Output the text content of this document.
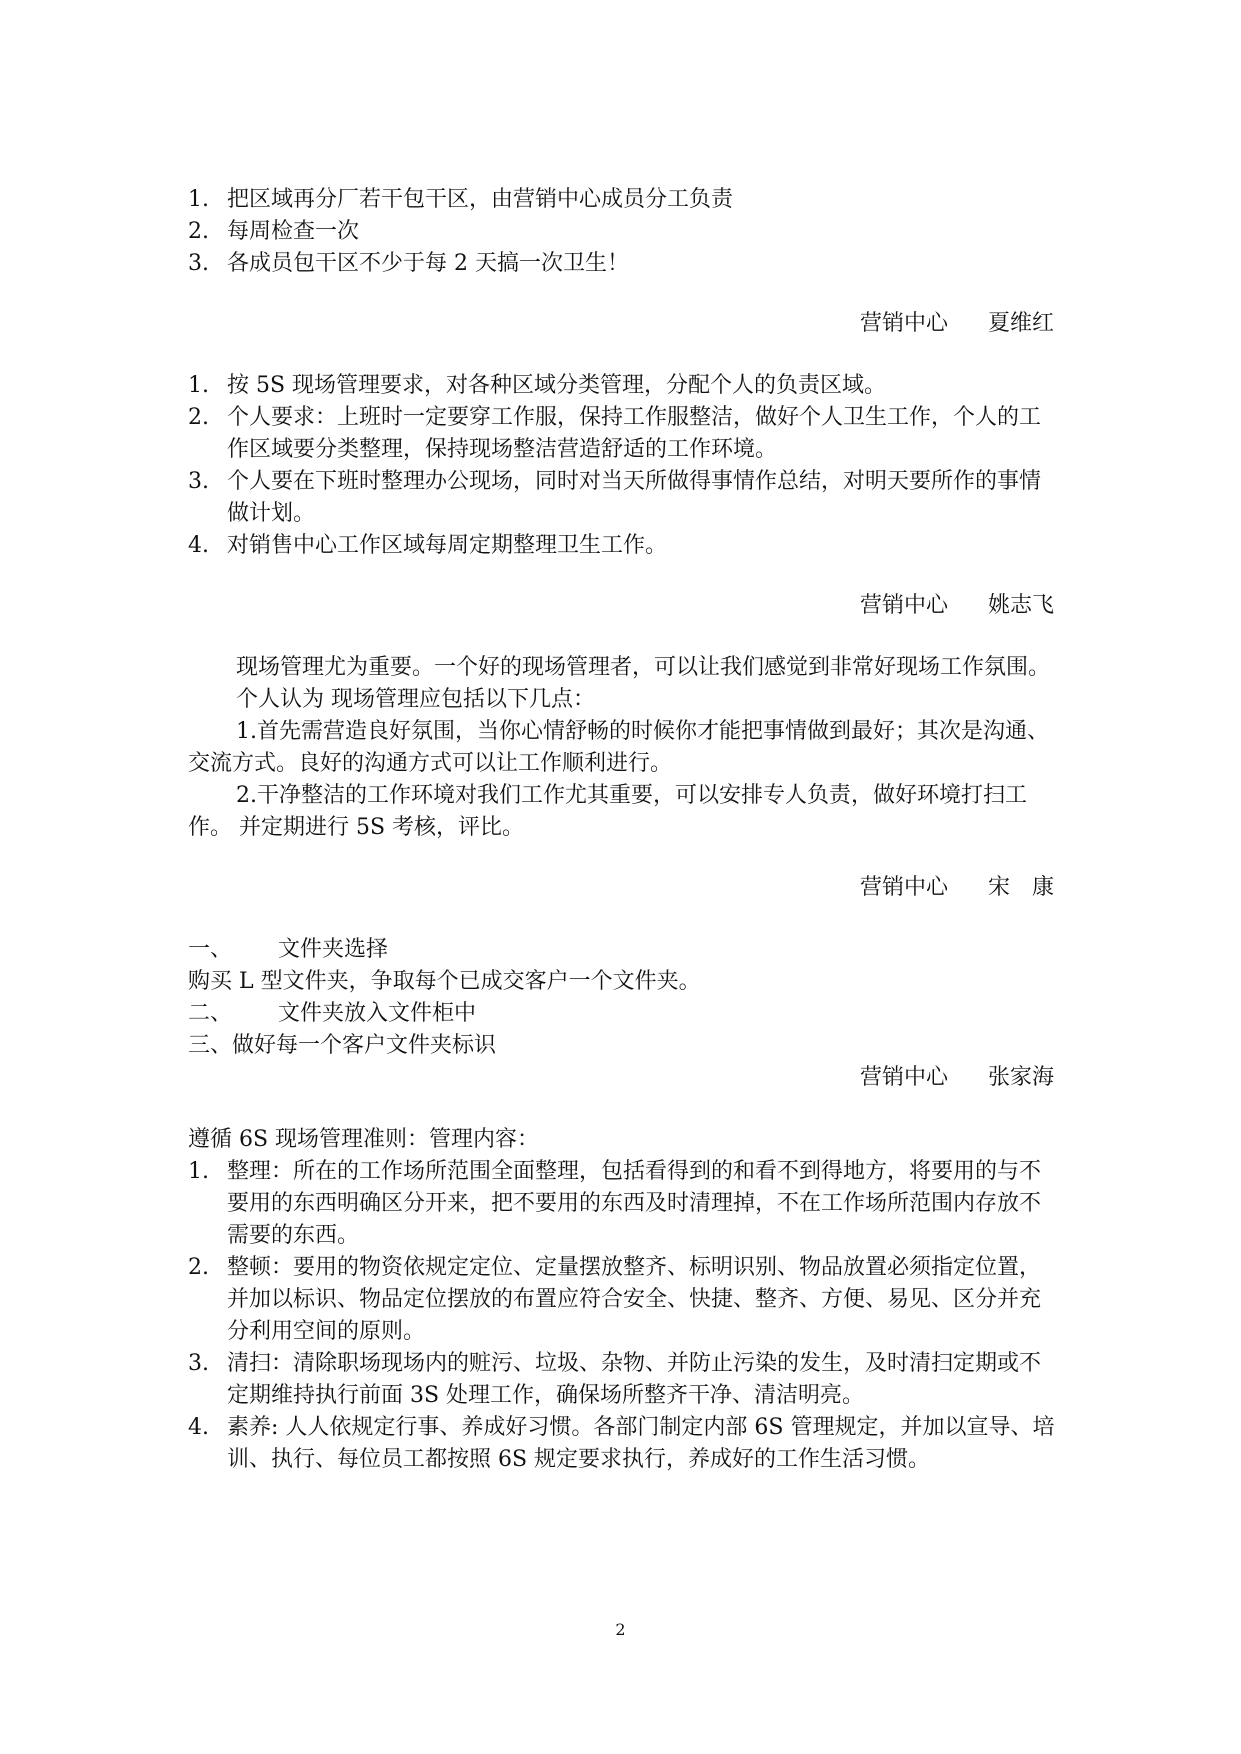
1. 把区域再分厂若干包干区，由营销中心成员分工负责
2. 每周检查一次
3. 各成员包干区不少于每 2 天搞一次卫生！
营销中心 夏维红
1. 按 5S 现场管理要求，对各种区域分类管理，分配个人的负责区域。
2. 个人要求：上班时一定要穿工作服，保持工作服整洁，做好个人卫生工作，个人的工作区域要分类整理，保持现场整洁营造舒适的工作环境。
3. 个人要在下班时整理办公现场，同时对当天所做得事情作总结，对明天要所作的事情做计划。
4. 对销售中心工作区域每周定期整理卫生工作。
营销中心 姚志飞

现场管理尤为重要。一个好的现场管理者，可以让我们感觉到非常好现场工作氛围。

个人认为 现场管理应包括以下几点：

1.首先需营造良好氛围，当你心情舒畅的时候你才能把事情做到最好；其次是沟通、交流方式。良好的沟通方式可以让工作顺利进行。

2.干净整洁的工作环境对我们工作尤其重要，可以安排专人负责，做好环境打扫工作。 并定期进行 5S 考核，评比。

营销中心 宋　康
一、 文件夹选择
购买 L 型文件夹，争取每个已成交客户一个文件夹。
二、 文件夹放入文件柜中
三、做好每一个客户文件夹标识
营销中心 张家海
遵循 6S 现场管理准则：管理内容：
1. 整理：所在的工作场所范围全面整理，包括看得到的和看不到得地方，将要用的与不要用的东西明确区分开来，把不要用的东西及时清理掉，不在工作场所范围内存放不需要的东西。
2. 整顿：要用的物资依规定定位、定量摆放整齐、标明识别、物品放置必须指定位置，并加以标识、物品定位摆放的布置应符合安全、快捷、整齐、方便、易见、区分并充分利用空间的原则。
3. 清扫：清除职场现场内的赃污、垃圾、杂物、并防止污染的发生，及时清扫定期或不定期维持执行前面 3S 处理工作，确保场所整齐干净、清洁明亮。
4. 素养: 人人依规定行事、养成好习惯。各部门制定内部 6S 管理规定，并加以宣导、培训、执行、每位员工都按照 6S 规定要求执行，养成好的工作生活习惯。
2
